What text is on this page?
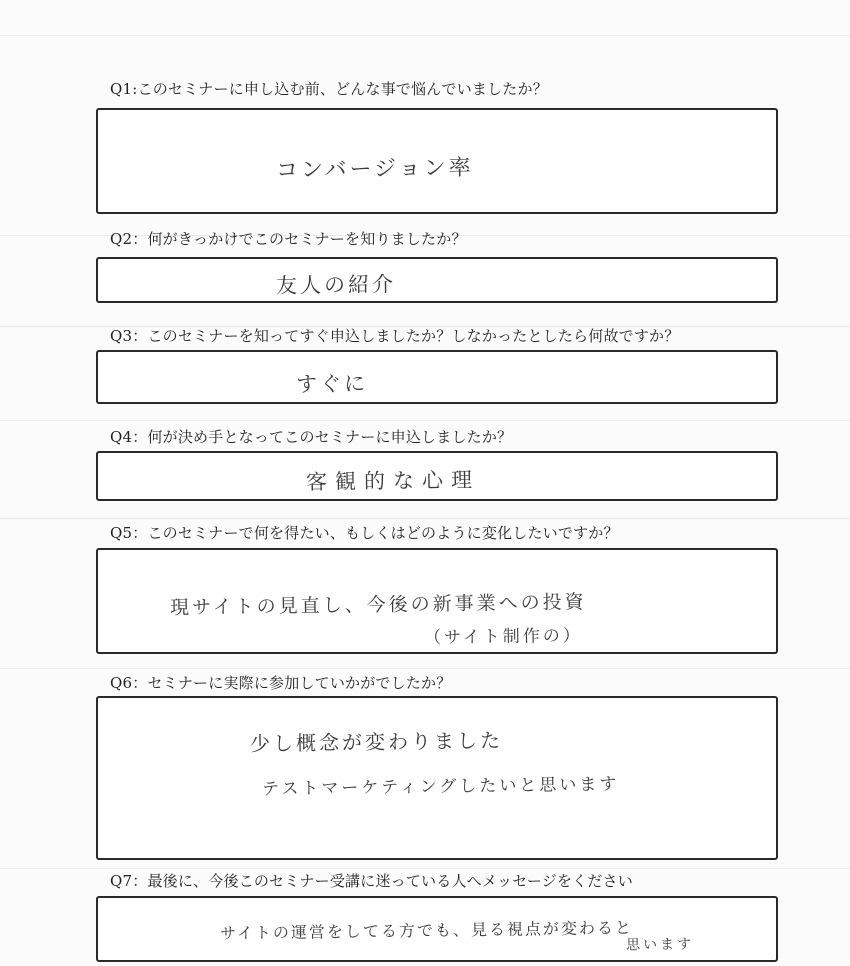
Q1:このセミナーに申し込む前、どんな事で悩んでいましたか？
コンバージョン率
Q2：何がきっかけでこのセミナーを知りましたか？
友人の紹介
Q3：このセミナーを知ってすぐ申込しましたか？しなかったとしたら何故ですか？
すぐに
Q4：何が決め手となってこのセミナーに申込しましたか？
客観的な心理
Q5：このセミナーで何を得たい、もしくはどのように変化したいですか？
現サイトの見直し、今後の新事業への投資
（サイト制作の）
Q6：セミナーに実際に参加していかがでしたか？
少し概念が変わりました
テストマーケティングしたいと思います
Q7：最後に、今後このセミナー受講に迷っている人へメッセージをください
サイトの運営をしてる方でも、見る視点が変わると
思います
